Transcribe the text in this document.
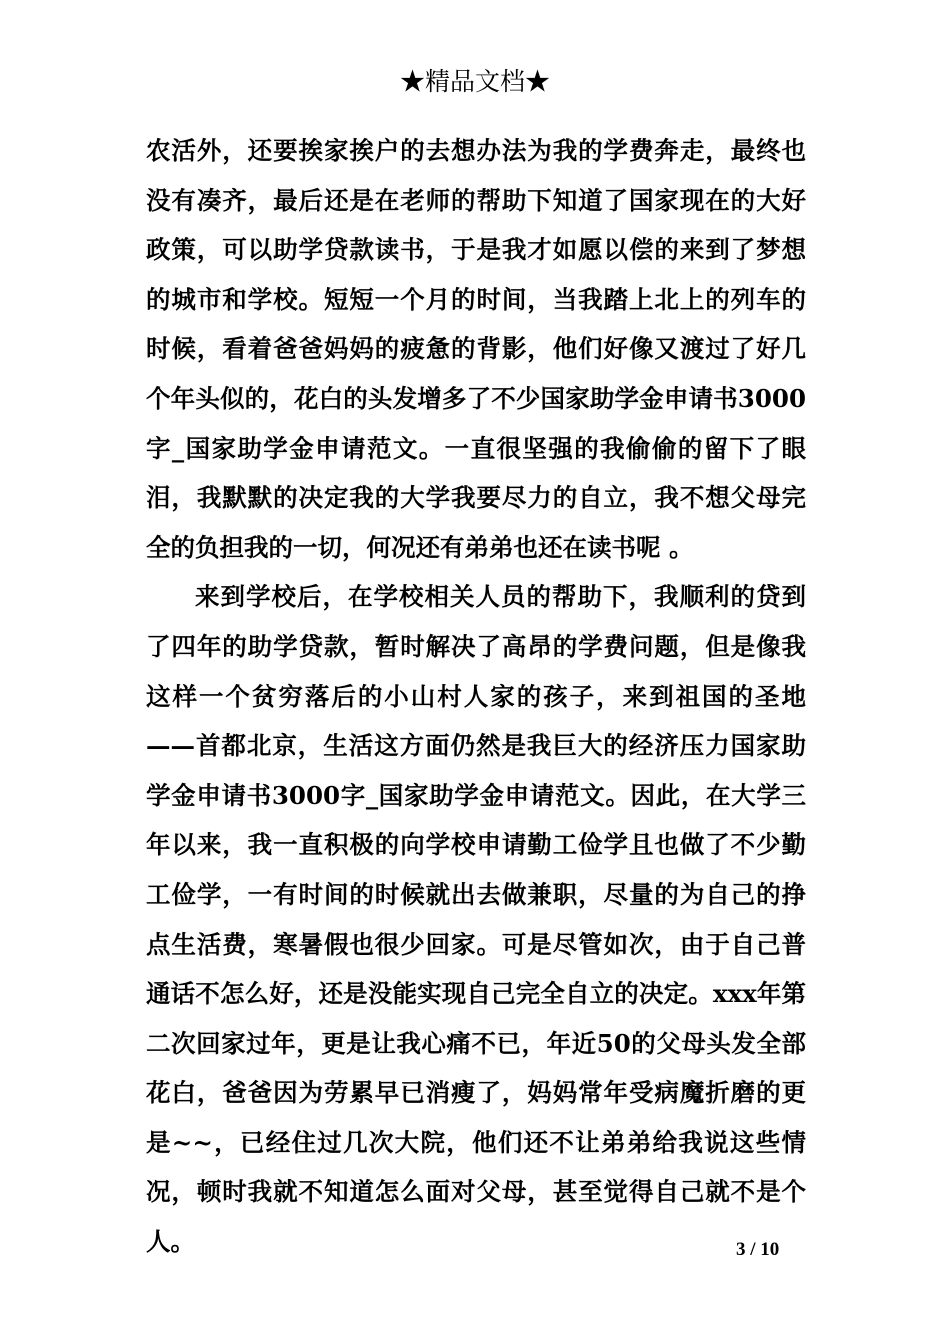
★精品文档★

农活外，还要挨家挨户的去想办法为我的学费奔走，最终也没有凑齐，最后还是在老师的帮助下知道了国家现在的大好政策，可以助学贷款读书，于是我才如愿以偿的来到了梦想的城市和学校。短短一个月的时间，当我踏上北上的列车的时候，看着爸爸妈妈的疲惫的背影，他们好像又渡过了好几个年头似的，花白的头发增多了不少国家助学金申请书3000字_国家助学金申请范文。一直很坚强的我偷偷的留下了眼泪，我默默的决定我的大学我要尽力的自立，我不想父母完全的负担我的一切，何况还有弟弟也还在读书呢 。

来到学校后，在学校相关人员的帮助下，我顺利的贷到了四年的助学贷款，暂时解决了高昂的学费问题，但是像我这样一个贫穷落后的小山村人家的孩子，来到祖国的圣地——首都北京，生活这方面仍然是我巨大的经济压力国家助学金申请书3000字_国家助学金申请范文。因此，在大学三年以来，我一直积极的向学校申请勤工俭学且也做了不少勤工俭学，一有时间的时候就出去做兼职，尽量的为自己的挣点生活费，寒暑假也很少回家。可是尽管如次，由于自己普通话不怎么好，还是没能实现自己完全自立的决定。xxx年第二次回家过年，更是让我心痛不已，年近50的父母头发全部花白，爸爸因为劳累早已消瘦了，妈妈常年受病魔折磨的更是~~，已经住过几次大院，他们还不让弟弟给我说这些情况，顿时我就不知道怎么面对父母，甚至觉得自己就不是个人。	3 / 10
